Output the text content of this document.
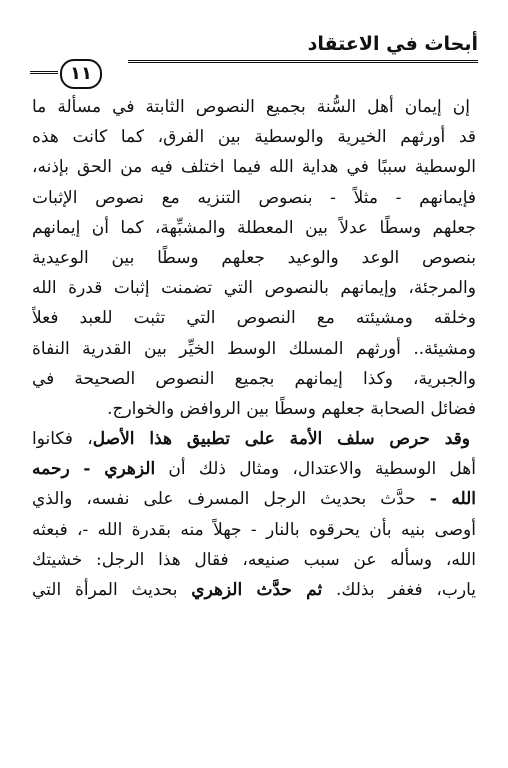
أبحاث في الاعتقاد
١١
إن إيمان أهل السُّنة بجميع النصوص الثابتة في مسألة ما
قد أورثهم الخيرية والوسطية بين الفرق، كما كانت هذه
الوسطية سببًا في هداية الله فيما اختلف فيه من الحق بإذنه،
فإيمانهم - مثلاً - بنصوص التنزيه مع نصوص الإثبات
جعلهم وسطًا عدلاً بين المعطلة والمشبِّهة، كما أن إيمانهم
بنصوص الوعد والوعيد جعلهم وسطًا بين الوعيدية
والمرجئة، وإيمانهم بالنصوص التي تضمنت إثبات قدرة الله
وخلقه ومشيئته مع النصوص التي تثبت للعبد فعلاً
ومشيئة.. أورثهم المسلك الوسط الخيِّر بين القدرية النفاة
والجبرية، وكذا إيمانهم بجميع النصوص الصحيحة في
فضائل الصحابة جعلهم وسطًا بين الروافض والخوارج.
وقد حرص سلف الأمة على تطبيق هذا الأصل، فكانوا
أهل الوسطية والاعتدال، ومثال ذلك أن الزهري - رحمه
الله - حدَّث بحديث الرجل المسرف على نفسه، والذي
أوصى بنيه بأن يحرقوه بالنار - جهلاً منه بقدرة الله -، فبعثه
الله، وسأله عن سبب صنيعه، فقال هذا الرجل: خشيتك
يارب، فغفر بذلك. ثم حدَّث الزهري بحديث المرأة التي
